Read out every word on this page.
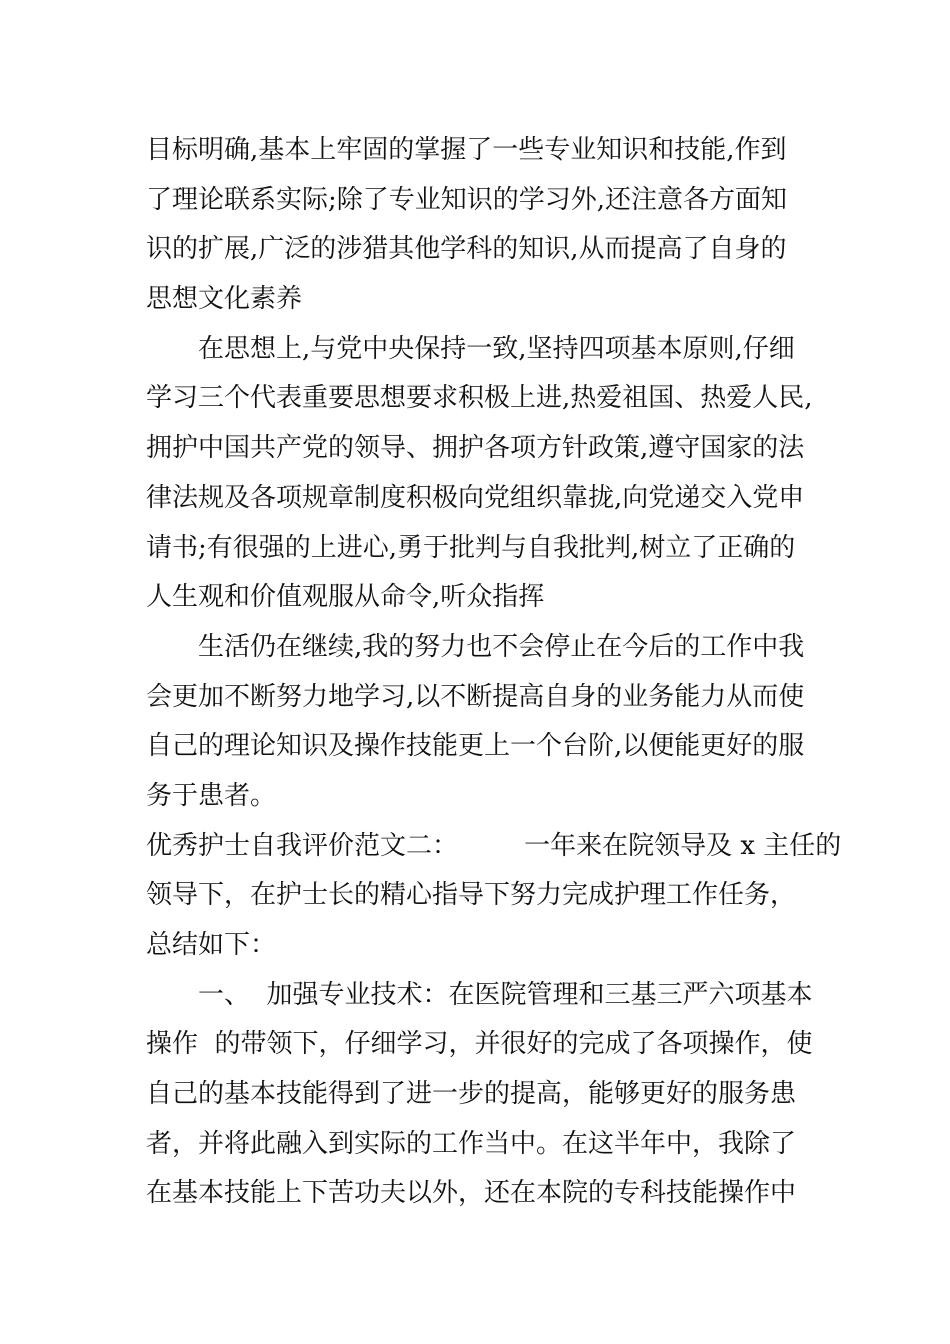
目标明确,基本上牢固的掌握了一些专业知识和技能,作到
了理论联系实际;除了专业知识的学习外,还注意各方面知
识的扩展,广泛的涉猎其他学科的知识,从而提高了自身的
思想文化素养
在思想上,与党中央保持一致,坚持四项基本原则,仔细
学习三个代表重要思想要求积极上进,热爱祖国、热爱人民,
拥护中国共产党的领导、拥护各项方针政策,遵守国家的法
律法规及各项规章制度积极向党组织靠拢,向党递交入党申
请书;有很强的上进心,勇于批判与自我批判,树立了正确的
人生观和价值观服从命令,听众指挥
生活仍在继续,我的努力也不会停止在今后的工作中我
会更加不断努力地学习,以不断提高自身的业务能力从而使
自己的理论知识及操作技能更上一个台阶,以便能更好的服
务于患者。
优秀护士自我评价范文二：        一年来在院领导及 x 主任的
领导下，在护士长的精心指导下努力完成护理工作任务，
总结如下：
一、  加强专业技术：在医院管理和三基三严六项基本
操作  的带领下，仔细学习，并很好的完成了各项操作，使
自己的基本技能得到了进一步的提高，能够更好的服务患
者，并将此融入到实际的工作当中。在这半年中，我除了
在基本技能上下苦功夫以外，还在本院的专科技能操作中
